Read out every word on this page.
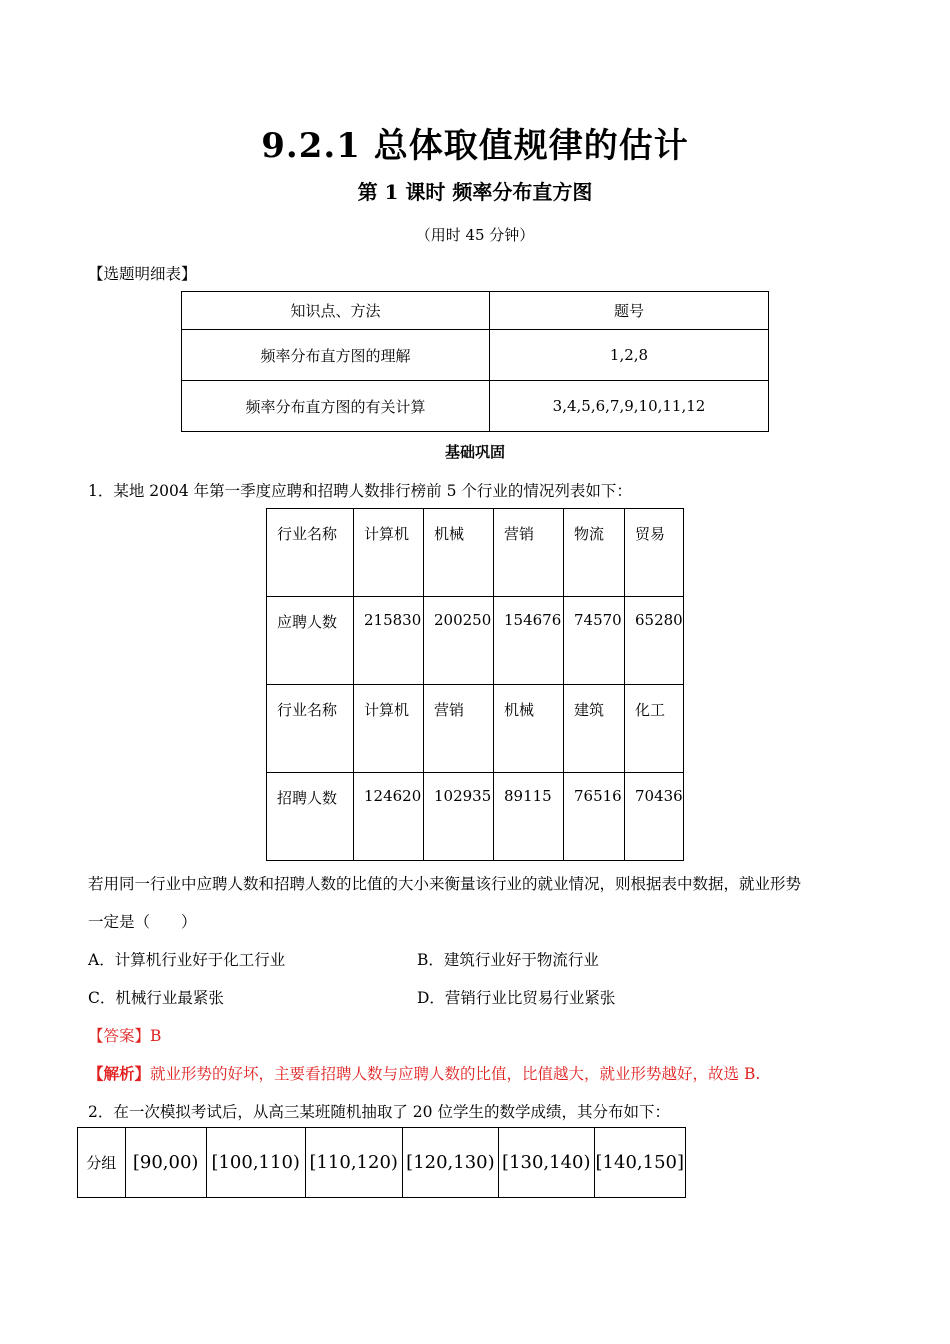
9.2.1 总体取值规律的估计
第 1 课时 频率分布直方图
（用时 45 分钟）
【选题明细表】
知识点、方法	题号
频率分布直方图的理解	1,2,8
频率分布直方图的有关计算	3,4,5,6,7,9,10,11,12
基础巩固
1．某地 2004 年第一季度应聘和招聘人数排行榜前 5 个行业的情况列表如下：
行业名称	计算机	机械	营销	物流	贸易
应聘人数	215830	200250	154676	74570	65280
行业名称	计算机	营销	机械	建筑	化工
招聘人数	124620	102935	89115	76516	70436
若用同一行业中应聘人数和招聘人数的比值的大小来衡量该行业的就业情况，则根据表中数据，就业形势
一定是（　　）
A．计算机行业好于化工行业	B．建筑行业好于物流行业
C．机械行业最紧张	D．营销行业比贸易行业紧张
【答案】B
【解析】就业形势的好坏，主要看招聘人数与应聘人数的比值，比值越大，就业形势越好，故选 B.
2．在一次模拟考试后，从高三某班随机抽取了 20 位学生的数学成绩，其分布如下：
分组	[90,00)	[100,110)	[110,120)	[120,130)	[130,140)	[140,150]
